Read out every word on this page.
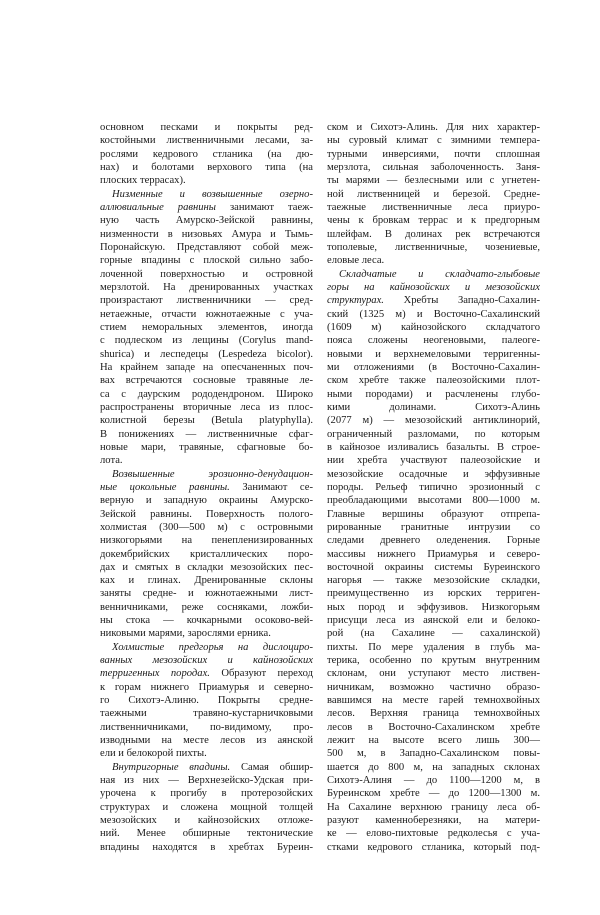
основном песками и покрыты ред-
костойными лиственничными лесами, за-
рослями кедрового стланика (на дю-
нах) и болотами верхового типа (на
плоских террасах).
Низменные и возвышенные озерно-
аллювиальные равнины занимают таеж-
ную часть Амурско-Зейской равнины,
низменности в низовьях Амура и Тымь-
Поронайскую. Представляют собой меж-
горные впадины с плоской сильно забо-
лоченной поверхностью и островной
мерзлотой. На дренированных участках
произрастают лиственничники — сред-
нетаежные, отчасти южнотаежные с уча-
стием неморальных элементов, иногда
с подлеском из лещины (Corylus mand-
shurica) и леспедецы (Lespedeza bicolor).
На крайнем западе на опесчаненных поч-
вах встречаются сосновые травяные ле-
са с даурским рододендроном. Широко
распространены вторичные леса из плос-
колистной березы (Betula platyphylla).
В понижениях — лиственничные сфаг-
новые мари, травяные, сфагновые бо-
лота.
Возвышенные эрозионно-денудацион-
ные цокольные равнины. Занимают се-
верную и западную окраины Амурско-
Зейской равнины. Поверхность полого-
холмистая (300—500 м) с островными
низкогорьями на пенепленизированных
докембрийских кристаллических поро-
дах и смятых в складки мезозойских пес-
ках и глинах. Дренированные склоны
заняты средне- и южнотаежными лист-
венничниками, реже сосняками, ложби-
ны стока — кочкарными осоково-вей-
никовыми марями, зарослями ерника.
Холмистые предгорья на дислоциро-
ванных мезозойских и кайнозойских
терригенных породах. Образуют переход
к горам нижнего Приамурья и северно-
го Сихотэ-Алиню. Покрыты средне-
таежными травяно-кустарничковыми
лиственничниками, по-видимому, про-
изводными на месте лесов из аянской
ели и белокорой пихты.
Внутригорные впадины. Самая обшир-
ная из них — Верхнезейско-Удская при-
урочена к прогибу в протерозойских
структурах и сложена мощной толщей
мезозойских и кайнозойских отложе-
ний. Менее обширные тектонические
впадины находятся в хребтах Буреин-
ском и Сихотэ-Алинь. Для них характер-
ны суровый климат с зимними темпера-
турными инверсиями, почти сплошная
мерзлота, сильная заболоченность. Заня-
ты марями — безлесными или с угнетен-
ной лиственницей и березой. Средне-
таежные лиственничные леса приуро-
чены к бровкам террас и к предгорным
шлейфам. В долинах рек встречаются
тополевые, лиственничные, чозениевые,
еловые леса.
Складчатые и складчато-глыбовые
горы на кайнозойских и мезозойских
структурах. Хребты Западно-Сахалин-
ский (1325 м) и Восточно-Сахалинский
(1609 м) кайнозойского складчатого
пояса сложены неогеновыми, палеоге-
новыми и верхнемеловыми терригенны-
ми отложениями (в Восточно-Сахалин-
ском хребте также палеозойскими плот-
ными породами) и расчленены глубо-
кими долинами. Сихотэ-Алинь
(2077 м) — мезозойский антиклинорий,
ограниченный разломами, по которым
в кайнозое изливались базальты. В строе-
нии хребта участвуют палеозойские и
мезозойские осадочные и эффузивные
породы. Рельеф типично эрозионный с
преобладающими высотами 800—1000 м.
Главные вершины образуют отпрепа-
рированные гранитные интрузии со
следами древнего оледенения. Горные
массивы нижнего Приамурья и северо-
восточной окраины системы Буреинского
нагорья — также мезозойские складки,
преимущественно из юрских терриген-
ных пород и эффузивов. Низкогорьям
присущи леса из аянской ели и белоко-
рой (на Сахалине — сахалинской)
пихты. По мере удаления в глубь ма-
терика, особенно по крутым внутренним
склонам, они уступают место листвен-
ничникам, возможно частично образо-
вавшимся на месте гарей темнохвойных
лесов. Верхняя граница темнохвойных
лесов в Восточно-Сахалинском хребте
лежит на высоте всего лишь 300—
500 м, в Западно-Сахалинском повы-
шается до 800 м, на западных склонах
Сихотэ-Алиня — до 1100—1200 м, в
Буреинском хребте — до 1200—1300 м.
На Сахалине верхнюю границу леса об-
разуют каменноберезняки, на матери-
ке — елово-пихтовые редколесья с уча-
стками кедрового стланика, который под-
